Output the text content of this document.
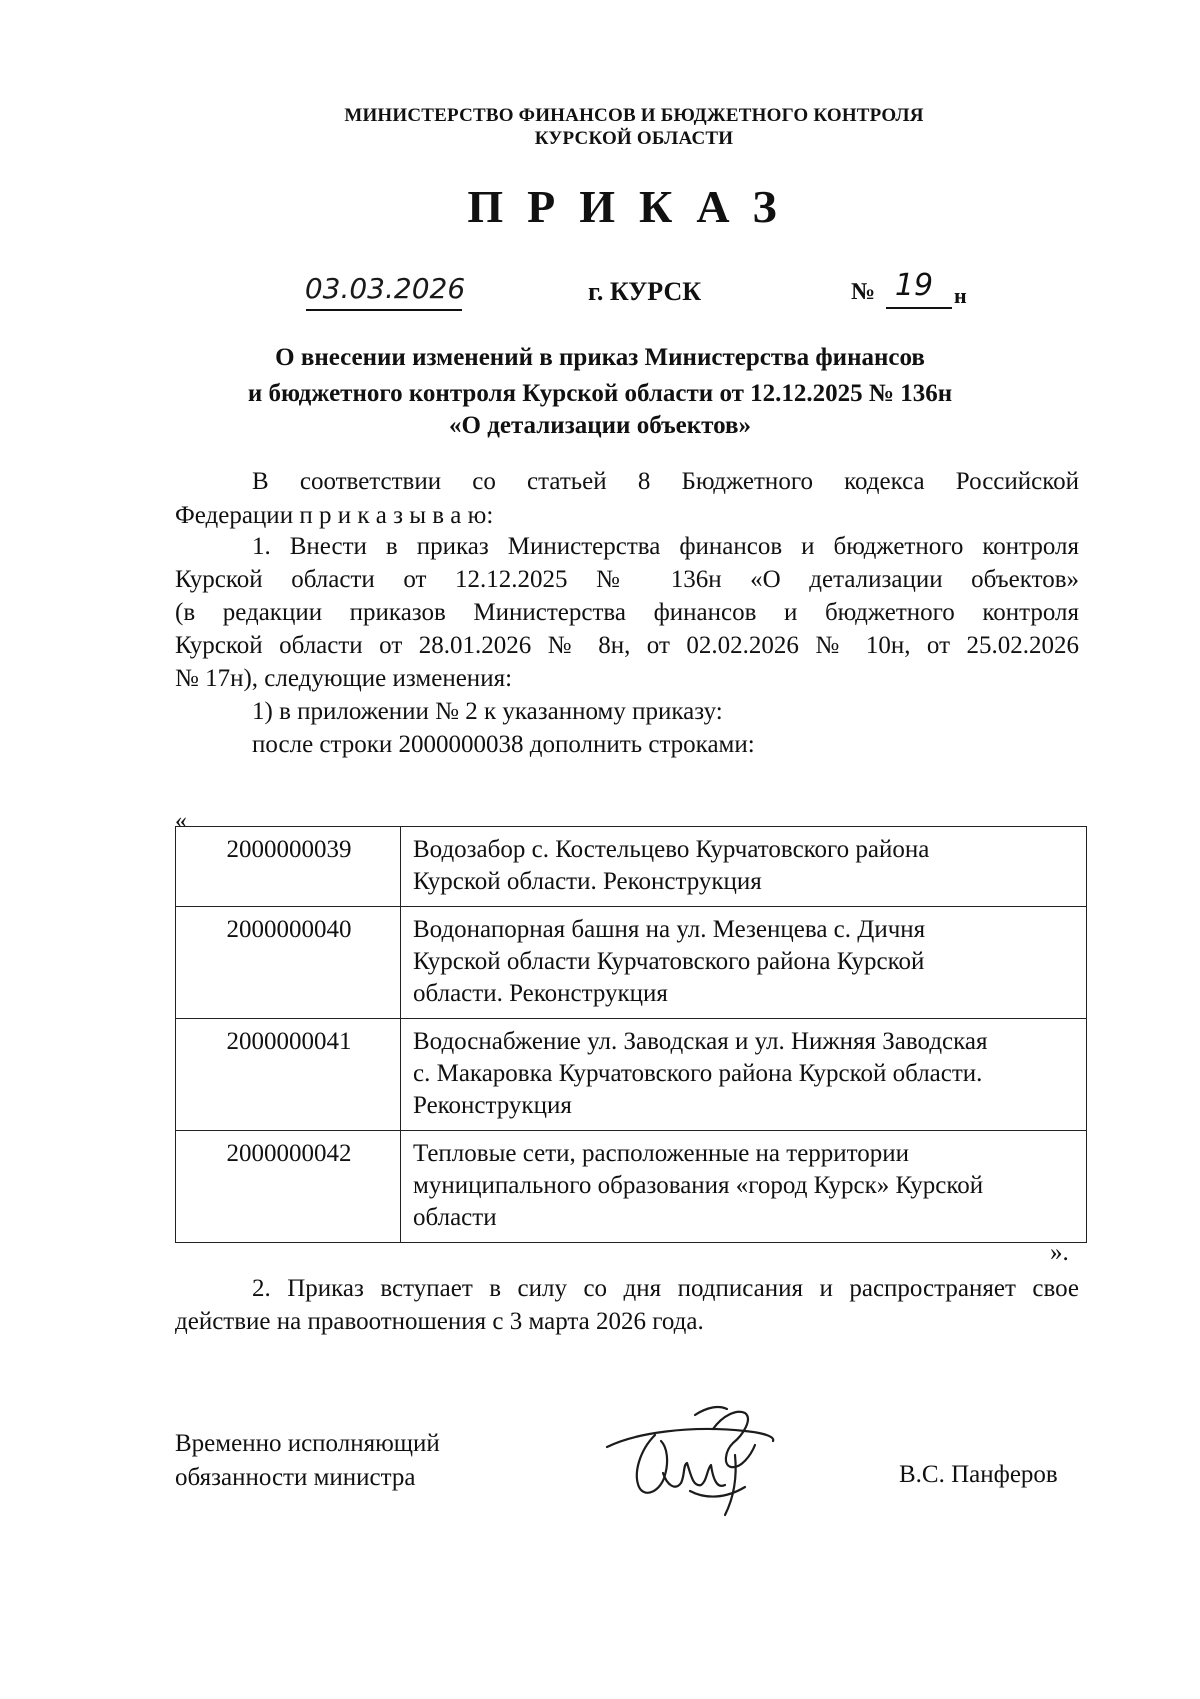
МИНИСТЕРСТВО ФИНАНСОВ И БЮДЖЕТНОГО КОНТРОЛЯ
КУРСКОЙ ОБЛАСТИ
ПРИКАЗ
03.03.2026	г. КУРСК	№ 19 н
О внесении изменений в приказ Министерства финансов
и бюджетного контроля Курской области от 12.12.2025 № 136н
«О детализации объектов»
В соответствии со статьей 8 Бюджетного кодекса Российской
Федерации п р и к а з ы в а ю:
1. Внести в приказ Министерства финансов и бюджетного контроля
Курской области от 12.12.2025 № 136н «О детализации объектов»
(в редакции приказов Министерства финансов и бюджетного контроля
Курской области от 28.01.2026 № 8н, от 02.02.2026 № 10н, от 25.02.2026
№ 17н), следующие изменения:
1) в приложении № 2 к указанному приказу:
после строки 2000000038 дополнить строками:
«
2000000039	Водозабор с. Костельцево Курчатовского района
Курской области. Реконструкция

2000000040	Водонапорная башня на ул. Мезенцева с. Дичня
Курской области Курчатовского района Курской
области. Реконструкция

2000000041	Водоснабжение ул. Заводская и ул. Нижняя Заводская
с. Макаровка Курчатовского района Курской области.
Реконструкция

2000000042	Тепловые сети, расположенные на территории
муниципального образования «город Курск» Курской
области
».
2. Приказ вступает в силу со дня подписания и распространяет свое
действие на правоотношения с 3 марта 2026 года.
Временно исполняющий
обязанности министра	В.С. Панферов
